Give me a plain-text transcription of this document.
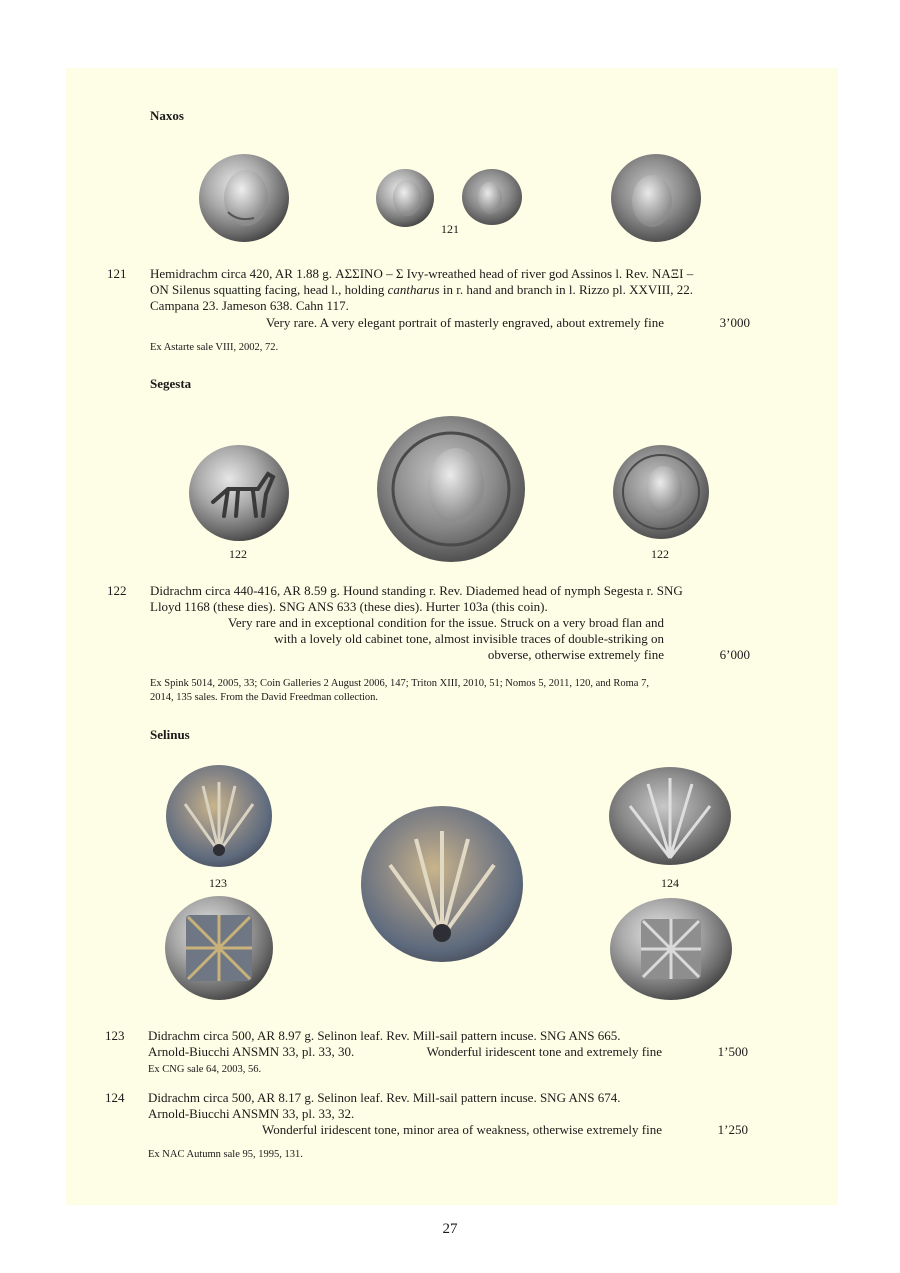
Naxos
121
121 Hemidrachm circa 420, AR 1.88 g. ΑΣΣΙΝΟ – Σ Ivy-wreathed head of river god Assinos l. Rev. ΝΑΞΙ –
ON Silenus squatting facing, head l., holding cantharus in r. hand and branch in l. Rizzo pl. XXVIII, 22.
Campana 23. Jameson 638. Cahn 117.
Very rare. A very elegant portrait of masterly engraved, about extremely fine	3’000
Ex Astarte sale VIII, 2002, 72.
Segesta
122	122
122 Didrachm circa 440-416, AR 8.59 g. Hound standing r. Rev. Diademed head of nymph Segesta r. SNG
Lloyd 1168 (these dies). SNG ANS 633 (these dies). Hurter 103a (this coin).
Very rare and in exceptional condition for the issue. Struck on a very broad flan and
with a lovely old cabinet tone, almost invisible traces of double-striking on
obverse, otherwise extremely fine	6’000
Ex Spink 5014, 2005, 33; Coin Galleries 2 August 2006, 147; Triton XIII, 2010, 51; Nomos 5, 2011, 120, and Roma 7,
2014, 135 sales. From the David Freedman collection.
Selinus
123	124
123 Didrachm circa 500, AR 8.97 g. Selinon leaf. Rev. Mill-sail pattern incuse. SNG ANS 665.
Arnold-Biucchi ANSMN 33, pl. 33, 30.	Wonderful iridescent tone and extremely fine	1’500
Ex CNG sale 64, 2003, 56.
124 Didrachm circa 500, AR 8.17 g. Selinon leaf. Rev. Mill-sail pattern incuse. SNG ANS 674.
Arnold-Biucchi ANSMN 33, pl. 33, 32.
Wonderful iridescent tone, minor area of weakness, otherwise extremely fine	1’250
Ex NAC Autumn sale 95, 1995, 131.
27
